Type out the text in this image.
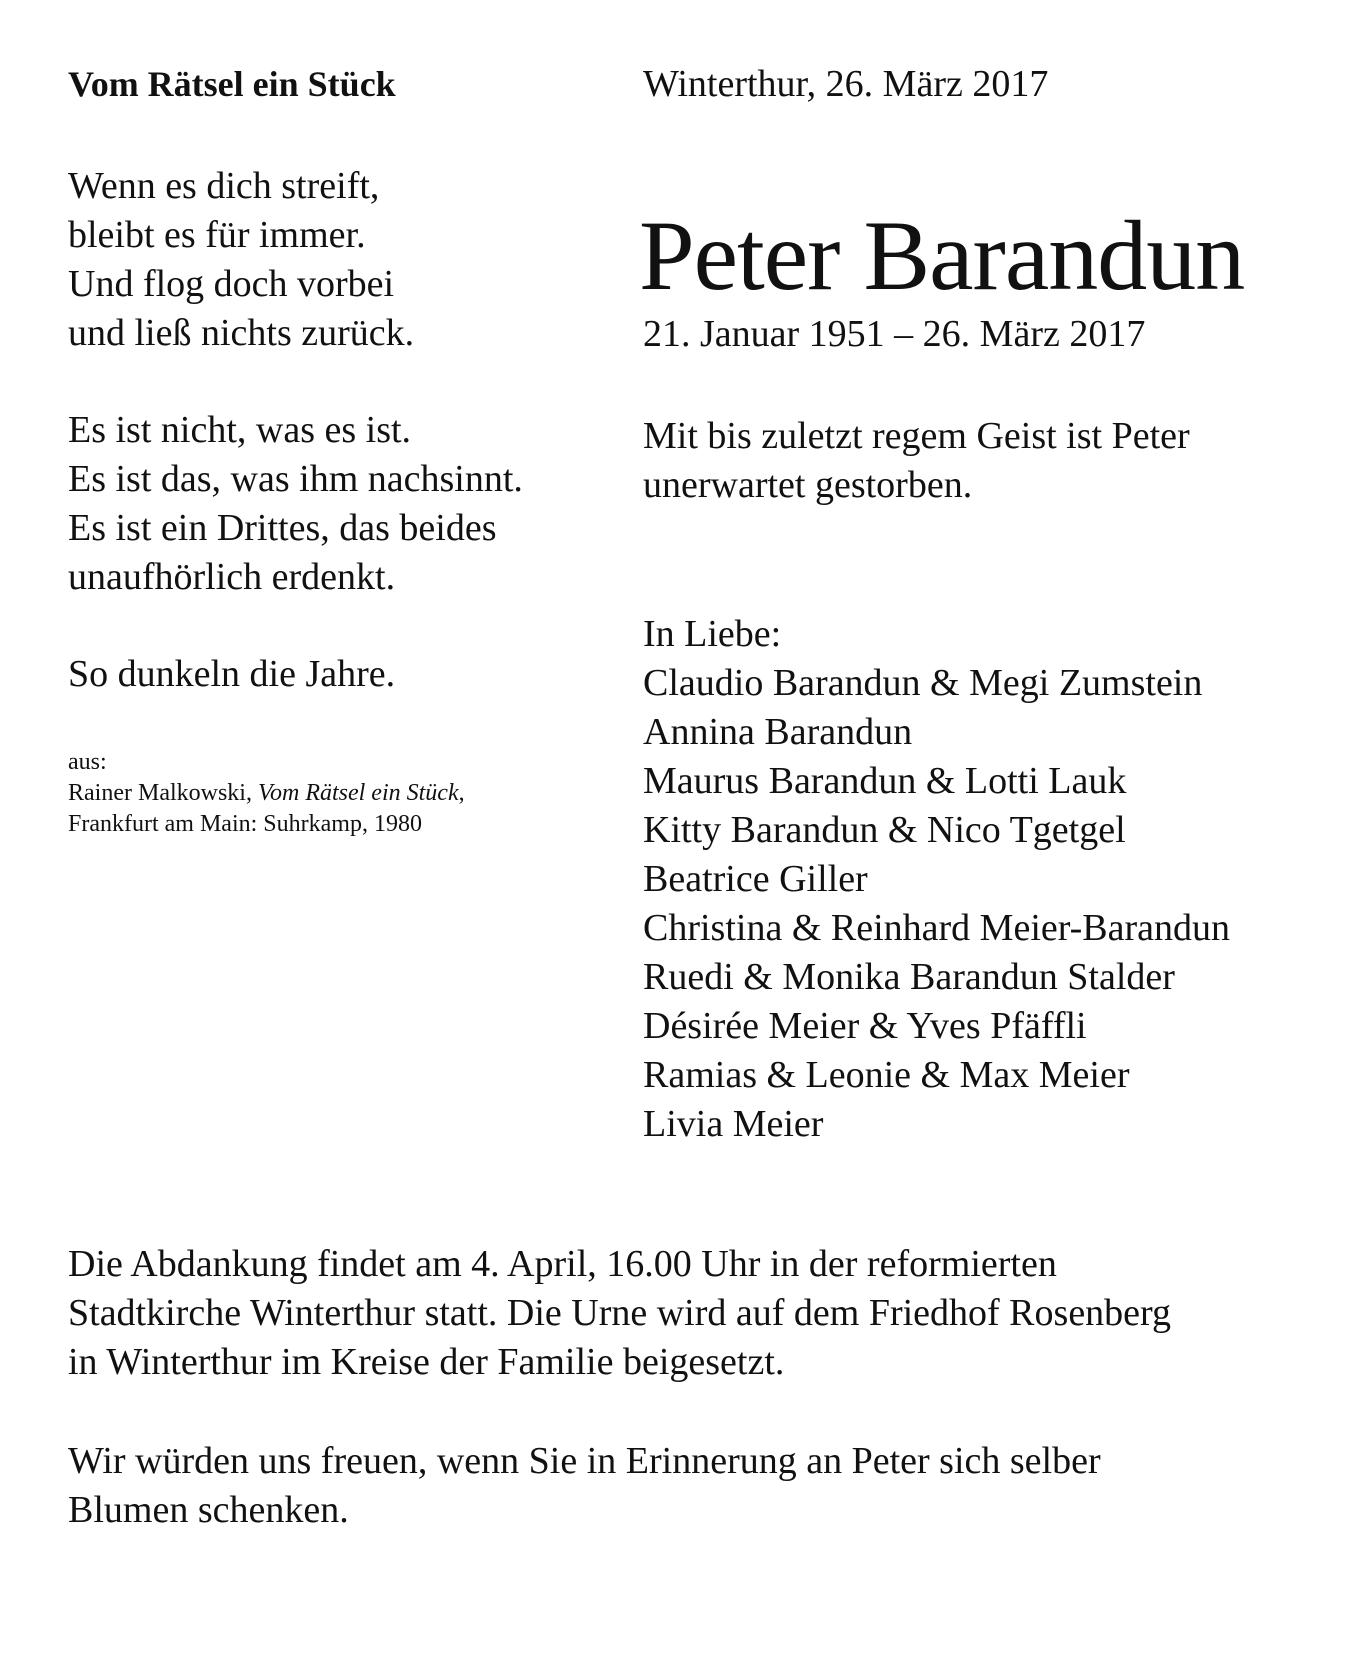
Vom Rätsel ein Stück
Wenn es dich streift,
bleibt es für immer.
Und flog doch vorbei
und ließ nichts zurück.
Es ist nicht, was es ist.
Es ist das, was ihm nachsinnt.
Es ist ein Drittes, das beides
unaufhörlich erdenkt.
So dunkeln die Jahre.
aus:
Rainer Malkowski, Vom Rätsel ein Stück,
Frankfurt am Main: Suhrkamp, 1980
Winterthur, 26. März 2017
Peter Barandun
21. Januar 1951 – 26. März 2017
Mit bis zuletzt regem Geist ist Peter
unerwartet gestorben.
In Liebe:
Claudio Barandun & Megi Zumstein
Annina Barandun
Maurus Barandun & Lotti Lauk
Kitty Barandun & Nico Tgetgel
Beatrice Giller
Christina & Reinhard Meier-Barandun
Ruedi & Monika Barandun Stalder
Désirée Meier & Yves Pfäffli
Ramias & Leonie & Max Meier
Livia Meier

Die Abdankung findet am 4. April, 16.00 Uhr in der reformierten
Stadtkirche Winterthur statt. Die Urne wird auf dem Friedhof Rosenberg
in Winterthur im Kreise der Familie beigesetzt.

Wir würden uns freuen, wenn Sie in Erinnerung an Peter sich selber
Blumen schenken.
